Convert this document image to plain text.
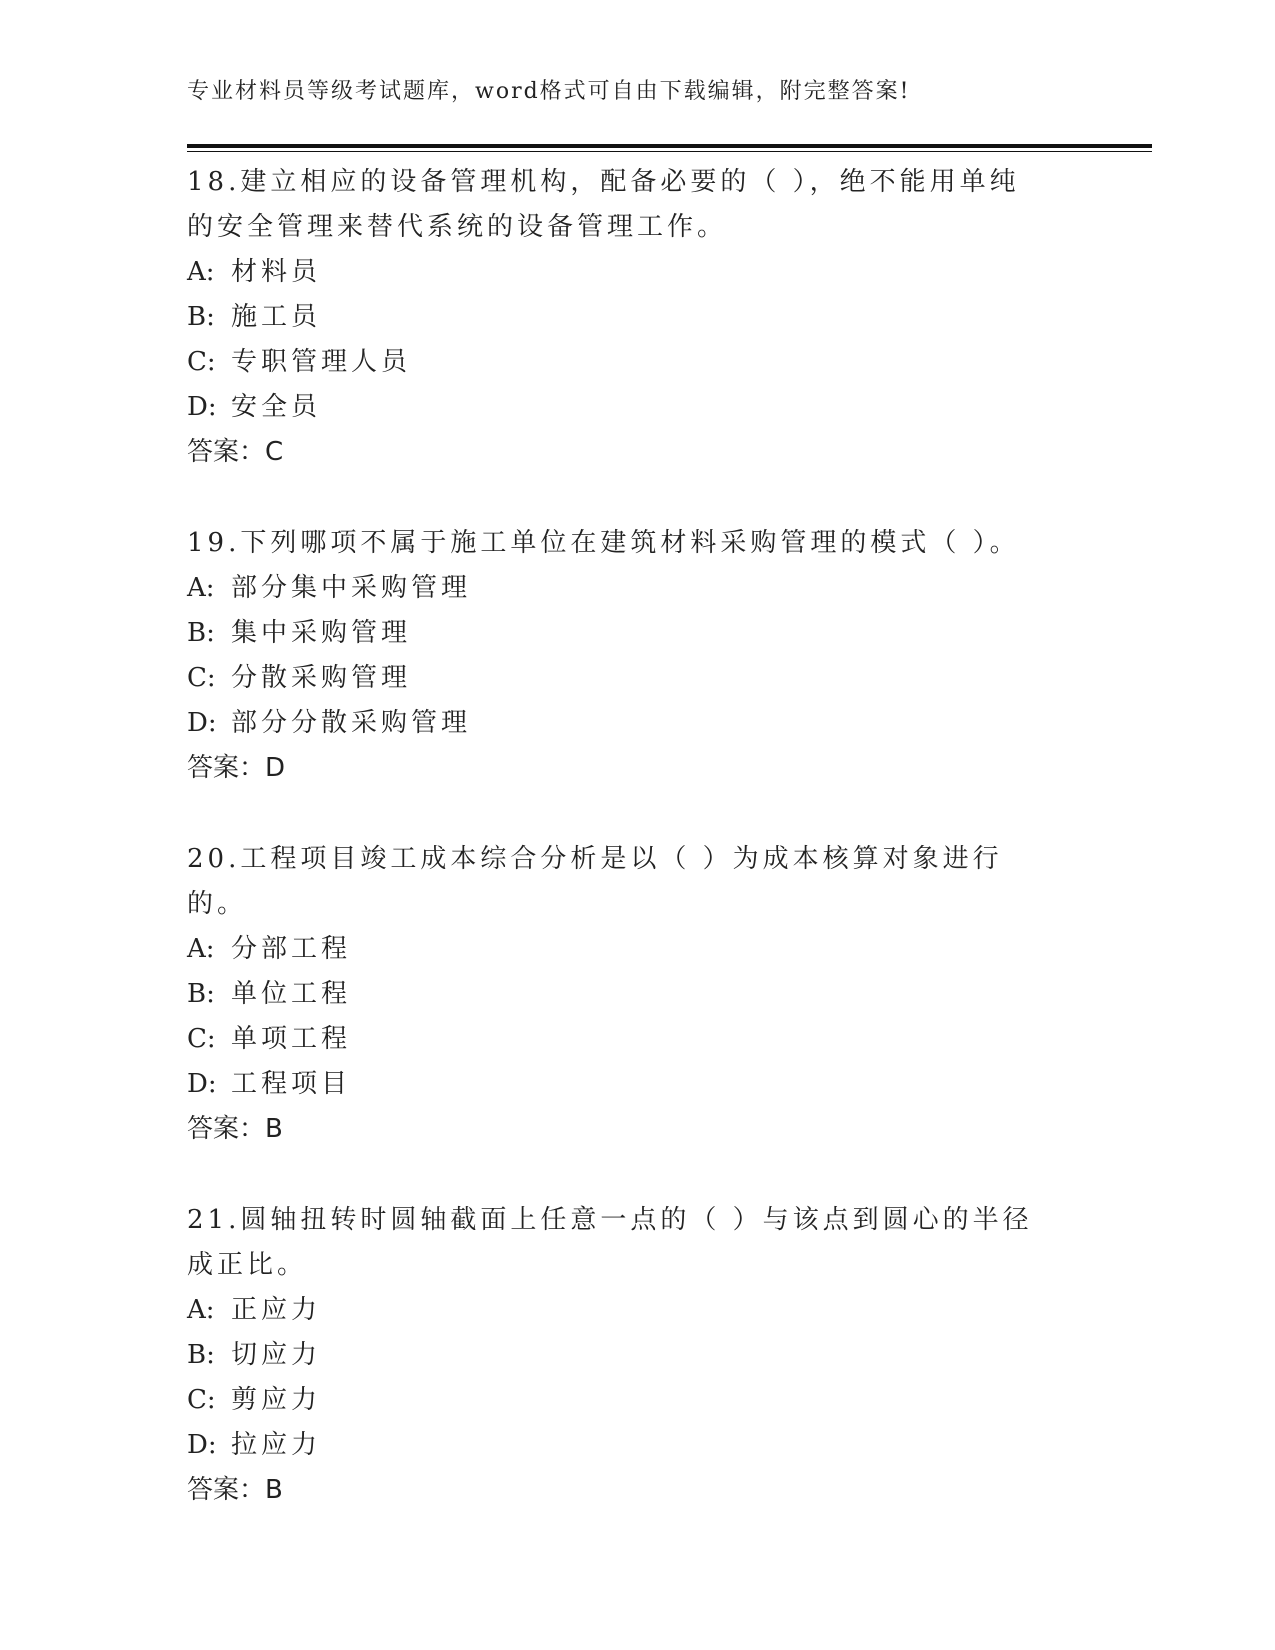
专业材料员等级考试题库，word格式可自由下载编辑，附完整答案!
18.建立相应的设备管理机构，配备必要的（ ），绝不能用单纯的安全管理来替代系统的设备管理工作。
A: 材料员
B: 施工员
C: 专职管理人员
D: 安全员
答案：C
19.下列哪项不属于施工单位在建筑材料采购管理的模式（ ）。
A: 部分集中采购管理
B: 集中采购管理
C: 分散采购管理
D: 部分分散采购管理
答案：D
20.工程项目竣工成本综合分析是以（ ）为成本核算对象进行的。
A: 分部工程
B: 单位工程
C: 单项工程
D: 工程项目
答案：B
21.圆轴扭转时圆轴截面上任意一点的（ ）与该点到圆心的半径成正比。
A: 正应力
B: 切应力
C: 剪应力
D: 拉应力
答案：B
